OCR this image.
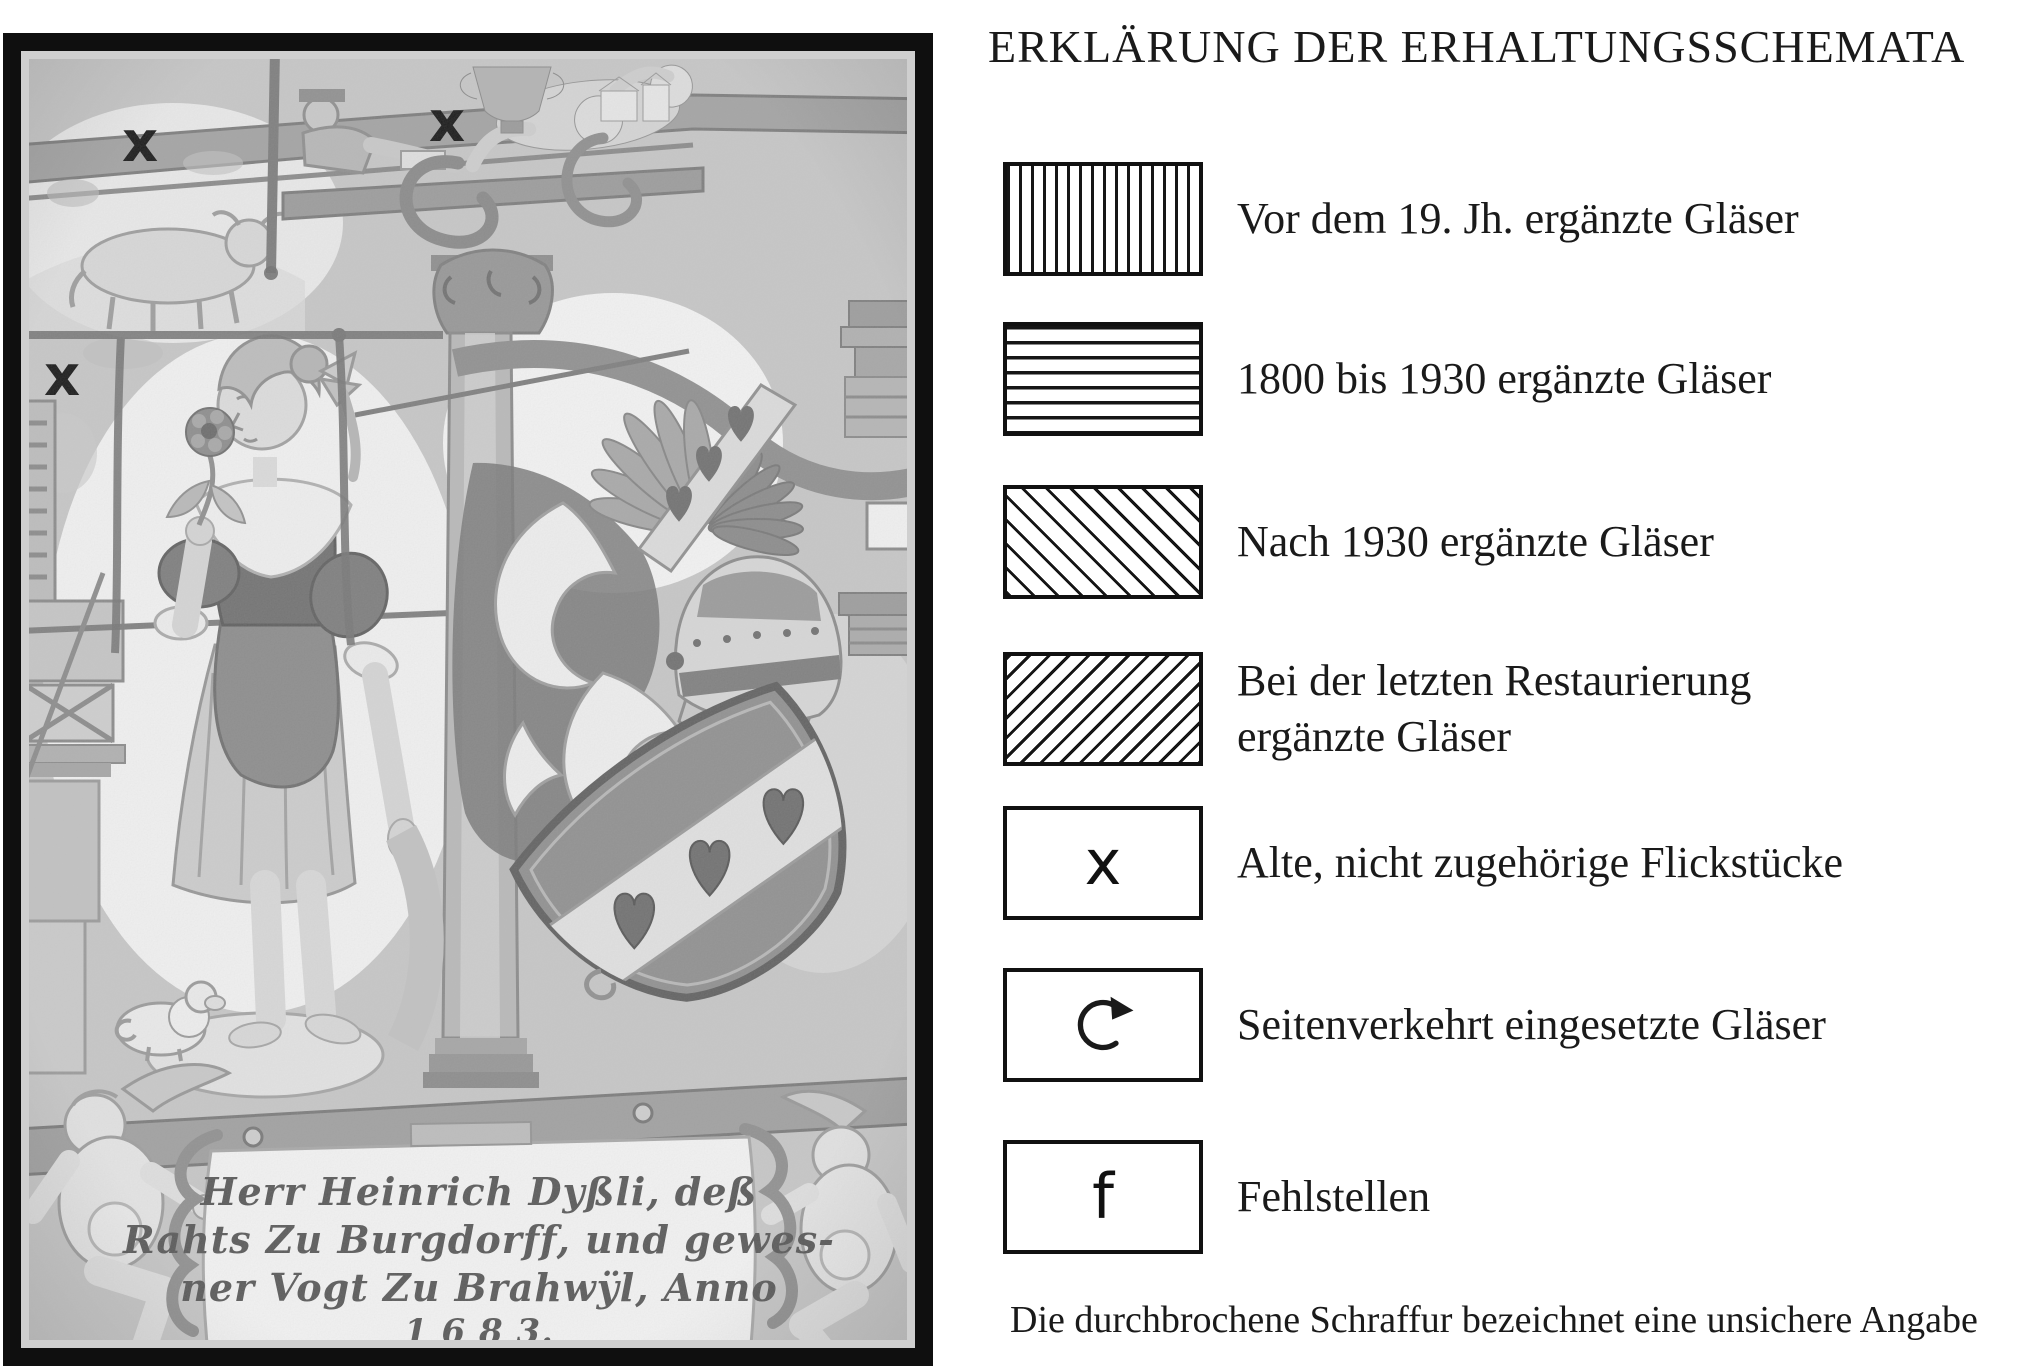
ERKLÄRUNG DER ERHALTUNGSSCHEMATA
Vor dem 19. Jh. ergänzte Gläser
1800 bis 1930 ergänzte Gläser
Nach 1930 ergänzte Gläser
Bei der letzten Restaurierung
ergänzte Gläser
x	Alte, nicht zugehörige Flickstücke
Seitenverkehrt eingesetzte Gläser
f	Fehlstellen
Die durchbrochene Schraffur bezeichnet eine unsichere Angabe
